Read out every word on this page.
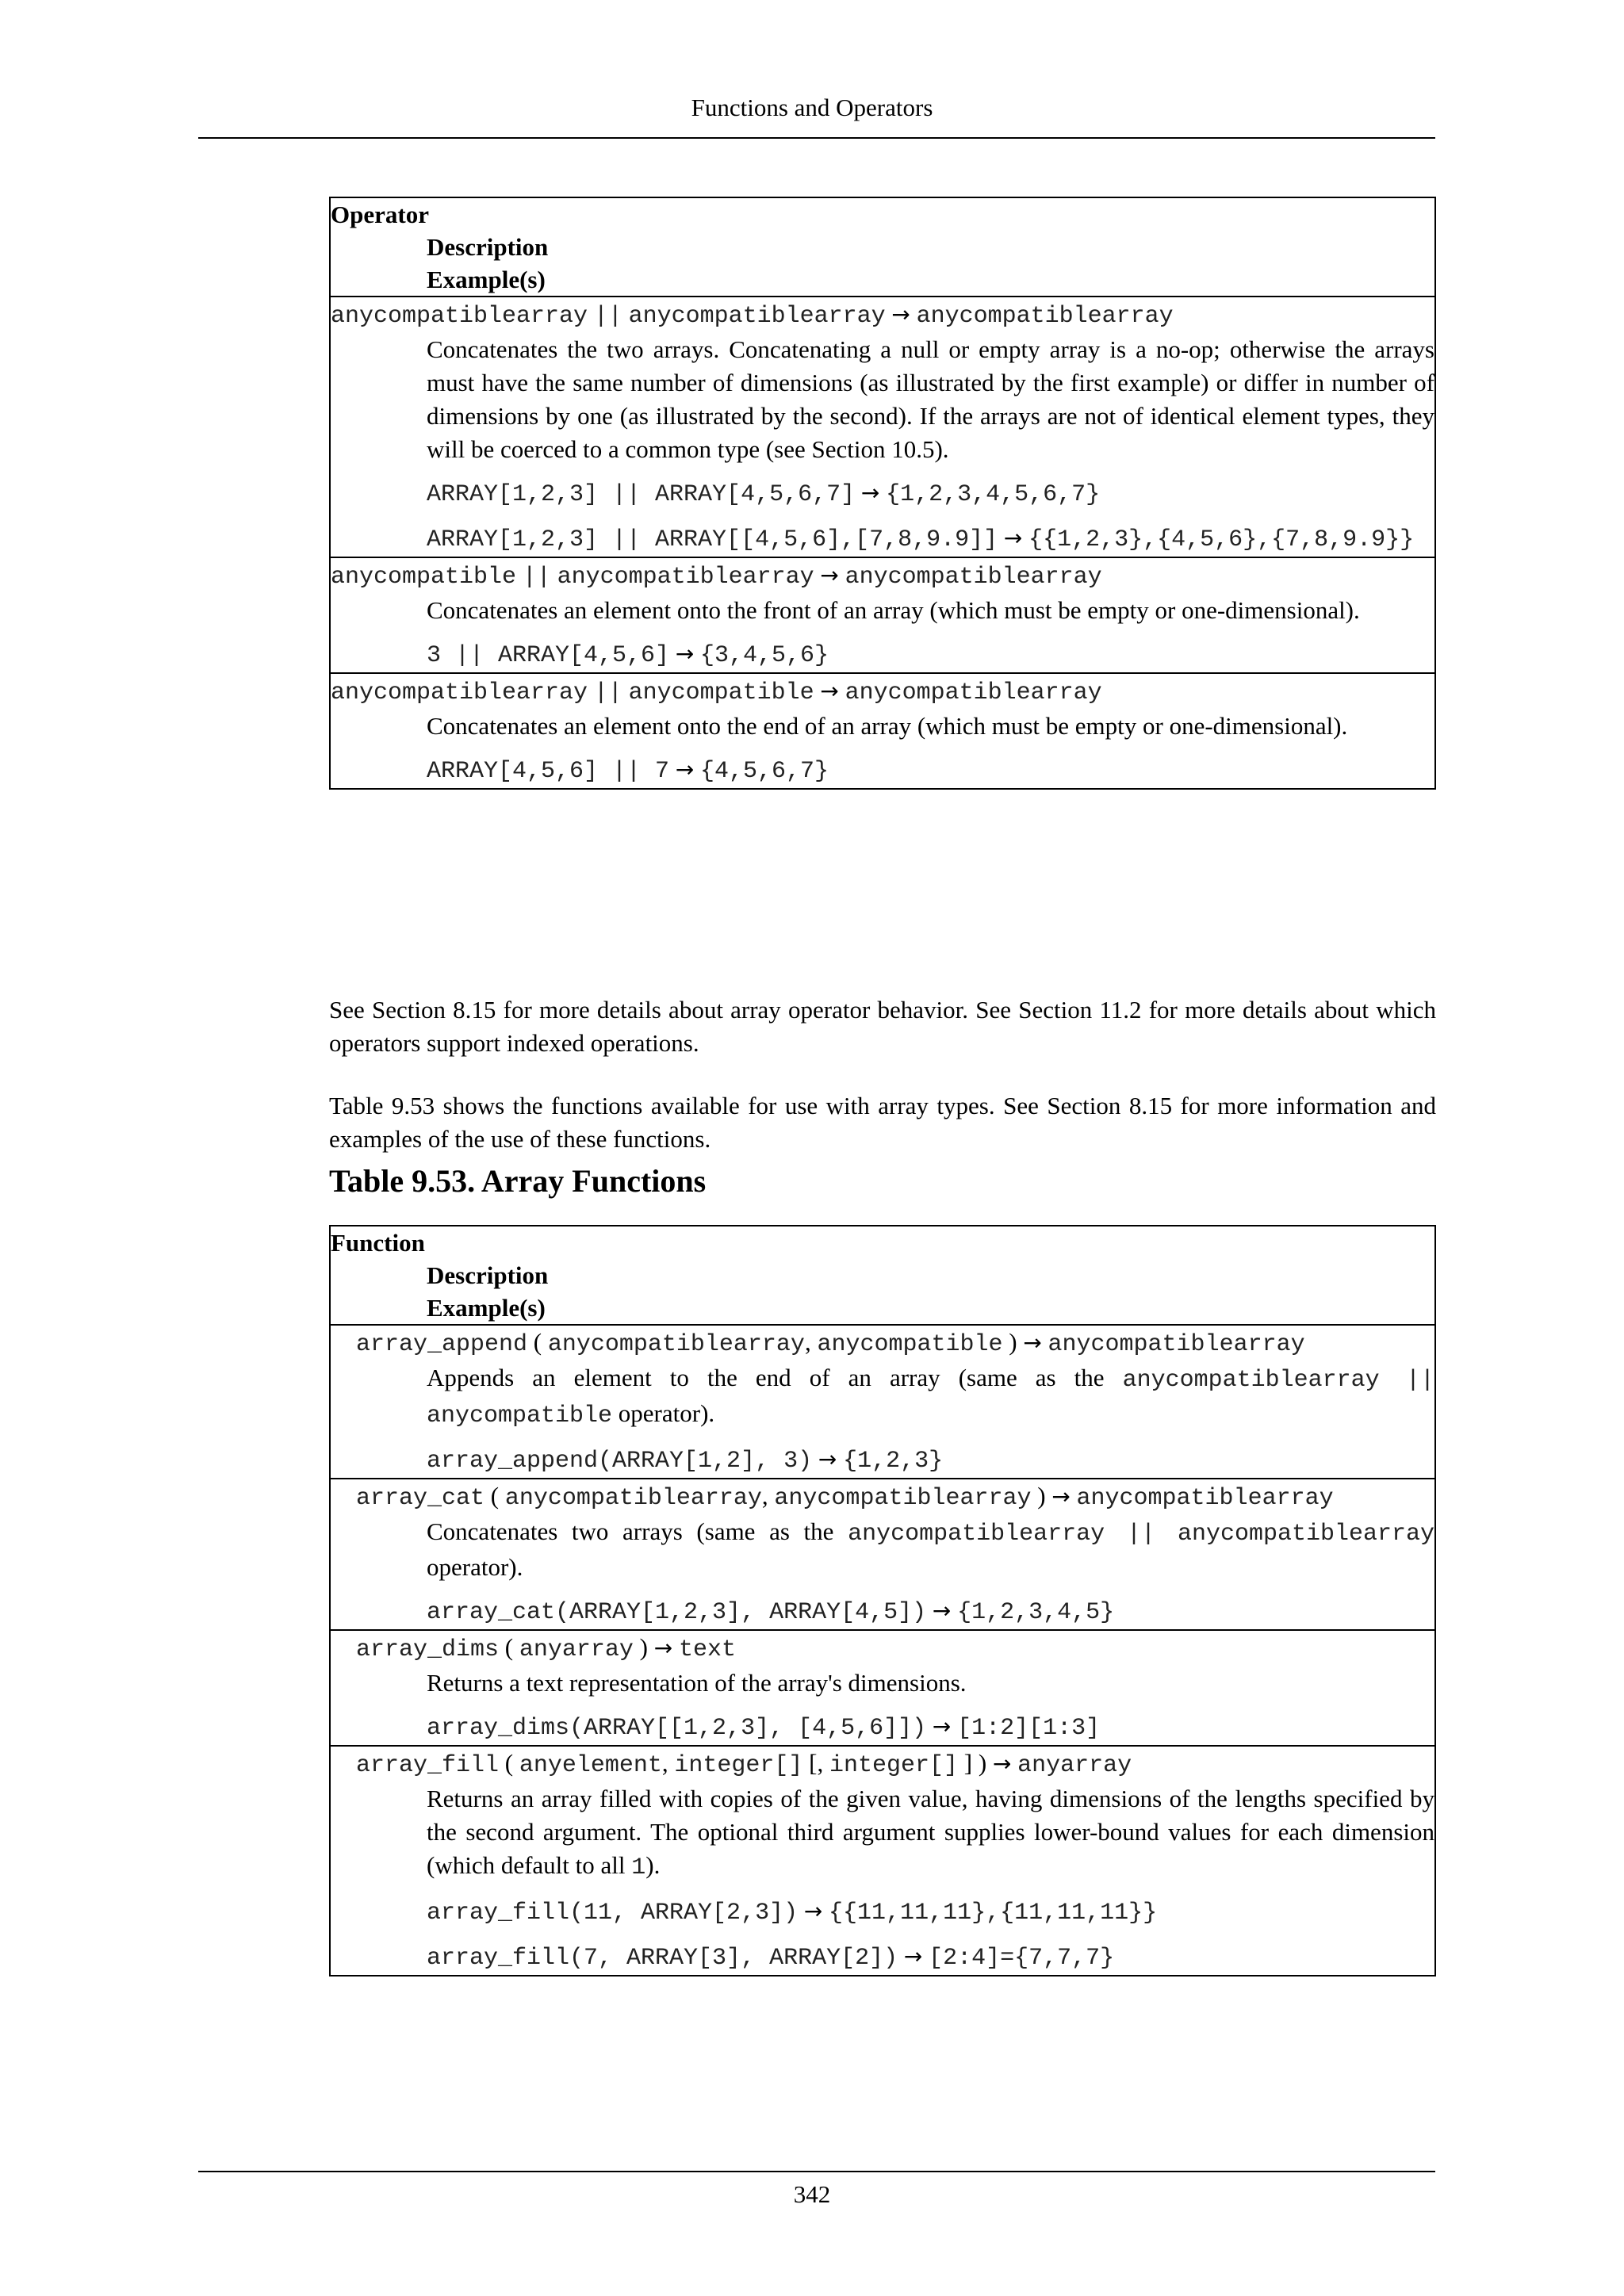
Functions and Operators
Operator
Description
Example(s)

anycompatiblearray || anycompatiblearray → anycompatiblearray
Concatenates the two arrays. Concatenating a null or empty array is a no-op; otherwise the arrays must have the same number of dimensions (as illustrated by the first example) or differ in number of dimensions by one (as illustrated by the second). If the arrays are not of identical element types, they will be coerced to a common type (see Section 10.5).
ARRAY[1,2,3] || ARRAY[4,5,6,7] → {1,2,3,4,5,6,7}
ARRAY[1,2,3] || ARRAY[[4,5,6],[7,8,9.9]] → {{1,2,3},{4,5,6},{7,8,9.9}}

anycompatible || anycompatiblearray → anycompatiblearray
Concatenates an element onto the front of an array (which must be empty or one-dimensional).
3 || ARRAY[4,5,6] → {3,4,5,6}

anycompatiblearray || anycompatible → anycompatiblearray
Concatenates an element onto the end of an array (which must be empty or one-dimensional).
ARRAY[4,5,6] || 7 → {4,5,6,7}

See Section 8.15 for more details about array operator behavior. See Section 11.2 for more details about which operators support indexed operations.

Table 9.53 shows the functions available for use with array types. See Section 8.15 for more information and examples of the use of these functions.

Table 9.53. Array Functions
Function
Description
Example(s)

array_append ( anycompatiblearray, anycompatible ) → anycompatiblearray
Appends an element to the end of an array (same as the anycompatiblearray || anycompatible operator).
array_append(ARRAY[1,2], 3) → {1,2,3}

array_cat ( anycompatiblearray, anycompatiblearray ) → anycompatiblearray
Concatenates two arrays (same as the anycompatiblearray || anycompatiblearray operator).
array_cat(ARRAY[1,2,3], ARRAY[4,5]) → {1,2,3,4,5}

array_dims ( anyarray ) → text
Returns a text representation of the array's dimensions.
array_dims(ARRAY[[1,2,3], [4,5,6]]) → [1:2][1:3]

array_fill ( anyelement, integer[] [, integer[] ] ) → anyarray
Returns an array filled with copies of the given value, having dimensions of the lengths specified by the second argument. The optional third argument supplies lower-bound values for each dimension (which default to all 1).
array_fill(11, ARRAY[2,3]) → {{11,11,11},{11,11,11}}
array_fill(7, ARRAY[3], ARRAY[2]) → [2:4]={7,7,7}
342
